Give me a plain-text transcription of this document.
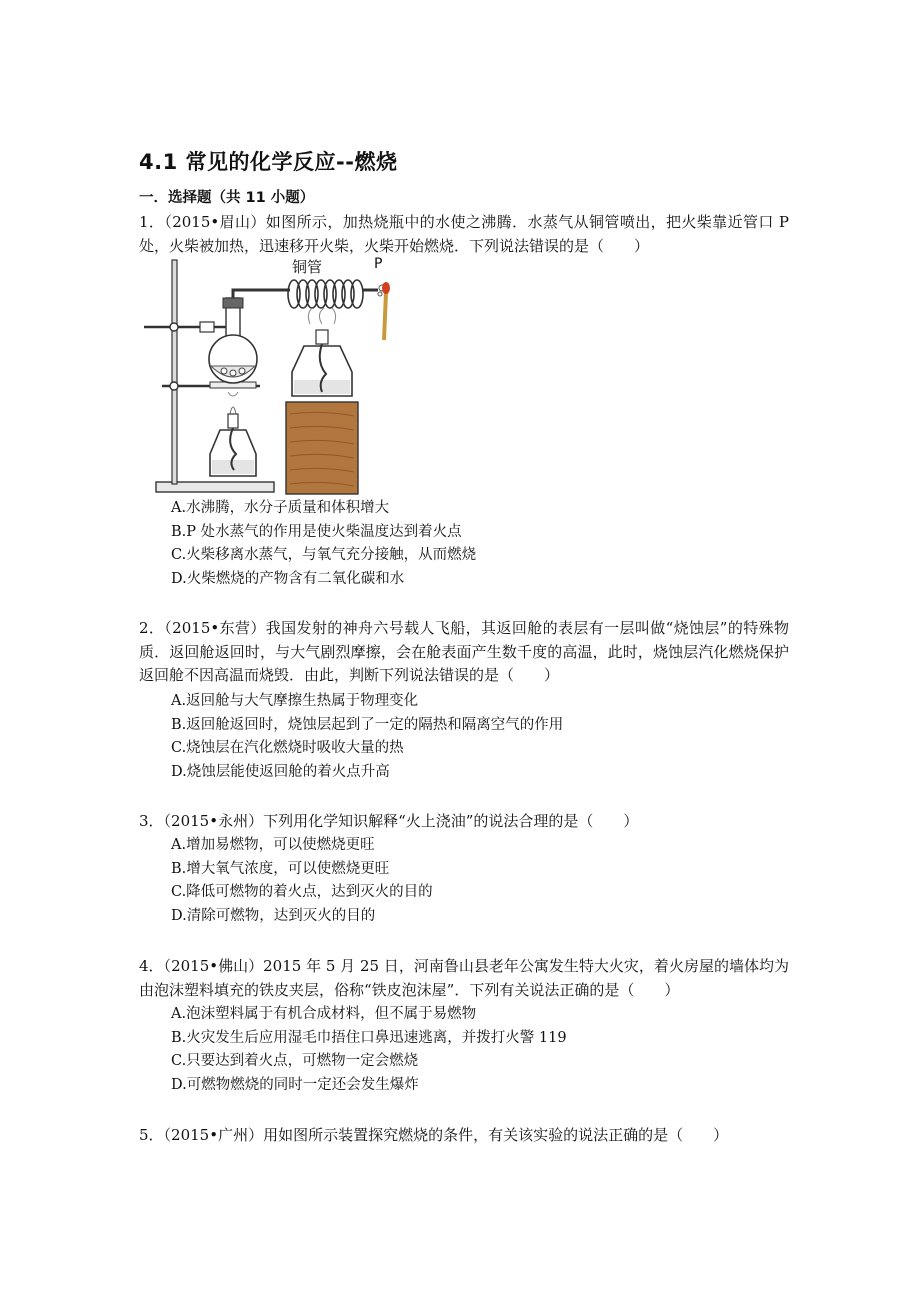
4.1 常见的化学反应--燃烧
一．选择题（共 11 小题）
1．（2015•眉山）如图所示，加热烧瓶中的水使之沸腾．水蒸气从铜管喷出，把火柴靠近管口 P 处，火柴被加热，迅速移开火柴，火柴开始燃烧．下列说法错误的是（　　）
铜管	P
A.水沸腾，水分子质量和体积增大
B.P 处水蒸气的作用是使火柴温度达到着火点
C.火柴移离水蒸气，与氧气充分接触，从而燃烧
D.火柴燃烧的产物含有二氧化碳和水
2．（2015•东营）我国发射的神舟六号载人飞船，其返回舱的表层有一层叫做“烧蚀层”的特殊物质．返回舱返回时，与大气剧烈摩擦，会在舱表面产生数千度的高温，此时，烧蚀层汽化燃烧保护返回舱不因高温而烧毁．由此，判断下列说法错误的是（　　）
A.返回舱与大气摩擦生热属于物理变化
B.返回舱返回时，烧蚀层起到了一定的隔热和隔离空气的作用
C.烧蚀层在汽化燃烧时吸收大量的热
D.烧蚀层能使返回舱的着火点升高
3．（2015•永州）下列用化学知识解释“火上浇油”的说法合理的是（　　）
A.增加易燃物，可以使燃烧更旺
B.增大氧气浓度，可以使燃烧更旺
C.降低可燃物的着火点，达到灭火的目的
D.清除可燃物，达到灭火的目的
4．（2015•佛山）2015 年 5 月 25 日，河南鲁山县老年公寓发生特大火灾，着火房屋的墙体均为由泡沫塑料填充的铁皮夹层，俗称“铁皮泡沫屋”．下列有关说法正确的是（　　）
A.泡沫塑料属于有机合成材料，但不属于易燃物
B.火灾发生后应用湿毛巾捂住口鼻迅速逃离，并拨打火警 119
C.只要达到着火点，可燃物一定会燃烧
D.可燃物燃烧的同时一定还会发生爆炸
5．（2015•广州）用如图所示装置探究燃烧的条件，有关该实验的说法正确的是（　　）
